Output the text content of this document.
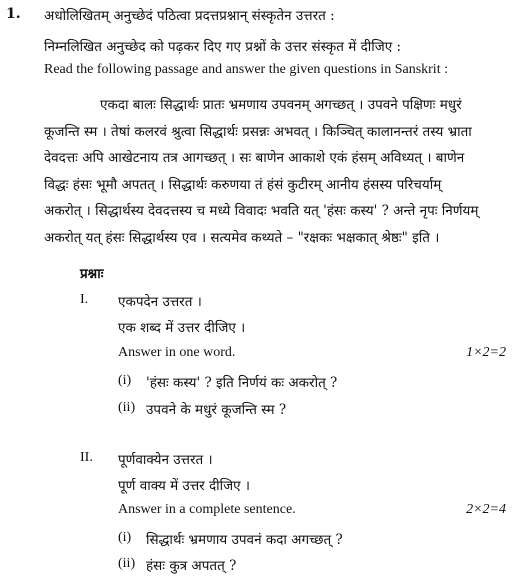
1. अधोलिखितम् अनुच्छेदं पठित्वा प्रदत्तप्रश्नान् संस्कृतेन उत्तरत :
निम्नलिखित अनुच्छेद को पढ़कर दिए गए प्रश्नों के उत्तर संस्कृत में दीजिए :
Read the following passage and answer the given questions in Sanskrit :
एकदा बालः सिद्धार्थः प्रातः भ्रमणाय उपवनम् अगच्छत् । उपवने पक्षिणः मधुरं
कूजन्ति स्म । तेषां कलरवं श्रुत्वा सिद्धार्थः प्रसन्नः अभवत् । किञ्चित् कालानन्तरं तस्य भ्राता
देवदत्तः अपि आखेटनाय तत्र आगच्छत् । सः बाणेन आकाशे एकं हंसम् अविध्यत् । बाणेन
विद्धः हंसः भूमौ अपतत् । सिद्धार्थः करुणया तं हंसं कुटीरम् आनीय हंसस्य परिचर्याम्
अकरोत् । सिद्धार्थस्य देवदत्तस्य च मध्ये विवादः भवति यत् 'हंसः कस्य' ? अन्ते नृपः निर्णयम्
अकरोत् यत् हंसः सिद्धार्थस्य एव । सत्यमेव कथ्यते – "रक्षकः भक्षकात् श्रेष्ठः" इति ।
प्रश्नाः
I. एकपदेन उत्तरत ।
एक शब्द में उत्तर दीजिए ।
Answer in one word.	1×2=2
(i) 'हंसः कस्य' ? इति निर्णयं कः अकरोत् ?
(ii) उपवने के मधुरं कूजन्ति स्म ?
II. पूर्णवाक्येन उत्तरत ।
पूर्ण वाक्य में उत्तर दीजिए ।
Answer in a complete sentence.	2×2=4
(i) सिद्धार्थः भ्रमणाय उपवनं कदा अगच्छत् ?
(ii) हंसः कुत्र अपतत् ?
